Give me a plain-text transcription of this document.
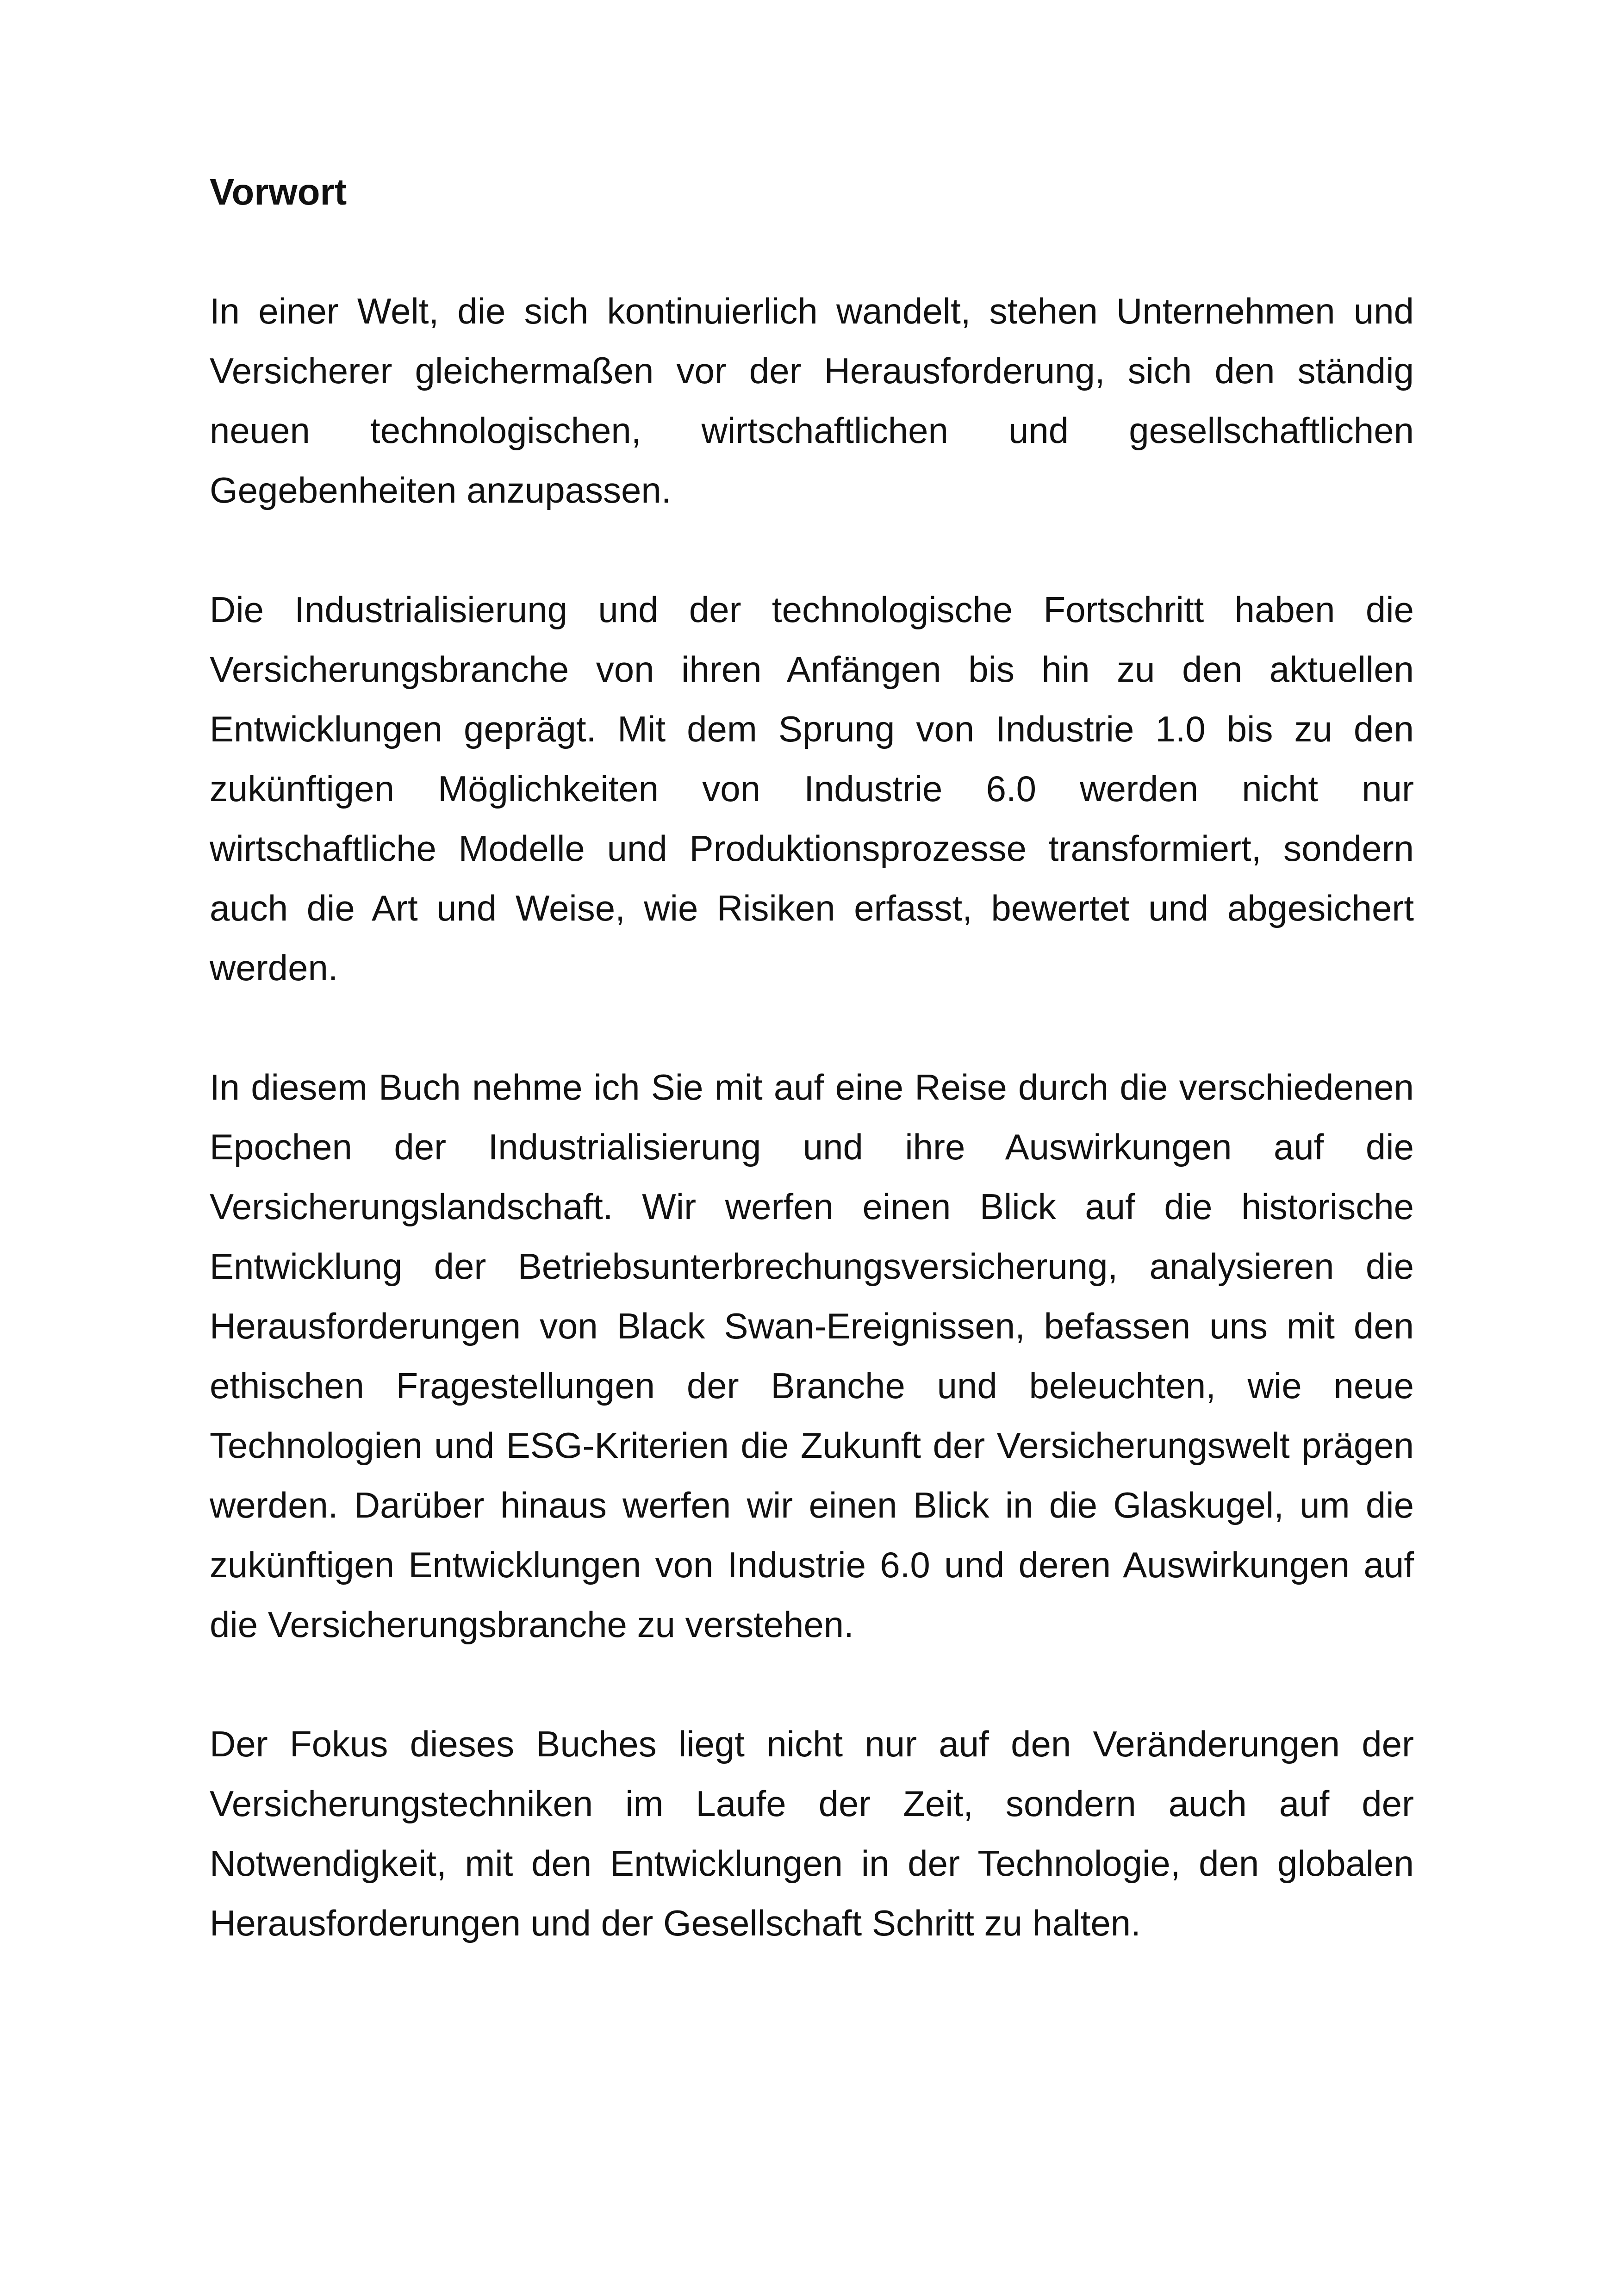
Vorwort

In einer Welt, die sich kontinuierlich wandelt, stehen Unternehmen und Versicherer gleichermaßen vor der Herausforderung, sich den ständig neuen technologischen, wirtschaftlichen und gesellschaftlichen Gegebenheiten anzupassen.

Die Industrialisierung und der technologische Fortschritt haben die Versicherungsbranche von ihren Anfängen bis hin zu den aktuellen Entwicklungen geprägt. Mit dem Sprung von Industrie 1.0 bis zu den zukünftigen Möglichkeiten von Industrie 6.0 werden nicht nur wirtschaftliche Modelle und Produktionsprozesse transformiert, sondern auch die Art und Weise, wie Risiken erfasst, bewertet und abgesichert werden.

In diesem Buch nehme ich Sie mit auf eine Reise durch die verschiedenen Epochen der Industrialisierung und ihre Auswirkungen auf die Versicherungslandschaft. Wir werfen einen Blick auf die historische Entwicklung der Betriebsunterbrechungsversicherung, analysieren die Herausforderungen von Black Swan-Ereignissen, befassen uns mit den ethischen Fragestellungen der Branche und beleuchten, wie neue Technologien und ESG-Kriterien die Zukunft der Versicherungswelt prägen werden. Darüber hinaus werfen wir einen Blick in die Glaskugel, um die zukünftigen Entwicklungen von Industrie 6.0 und deren Auswirkungen auf die Versicherungsbranche zu verstehen.

Der Fokus dieses Buches liegt nicht nur auf den Veränderungen der Versicherungstechniken im Laufe der Zeit, sondern auch auf der Notwendigkeit, mit den Entwicklungen in der Technologie, den globalen Herausforderungen und der Gesellschaft Schritt zu halten.
